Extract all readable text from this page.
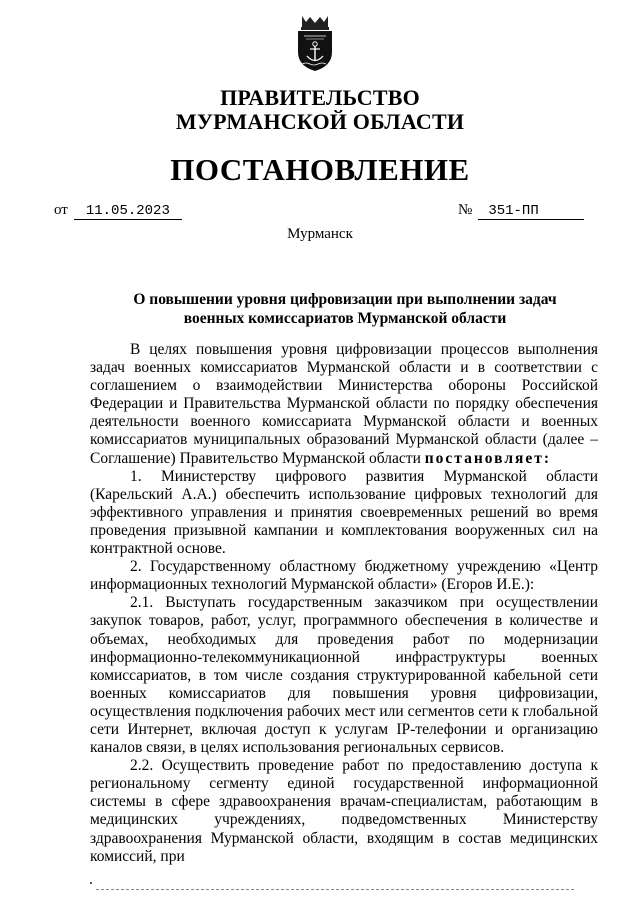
ПРАВИТЕЛЬСТВО
МУРМАНСКОЙ ОБЛАСТИ
ПОСТАНОВЛЕНИЕ
от	11.05.2023	№	351-ПП
Мурманск
О повышении уровня цифровизации при выполнении задач
военных комиссариатов Мурманской области

В целях повышения уровня цифровизации процессов выполнения задач военных комиссариатов Мурманской области и в соответствии с соглашением о взаимодействии Министерства обороны Российской Федерации и Правительства Мурманской области по порядку обеспечения деятельности военного комиссариата Мурманской области и военных комиссариатов муниципальных образований Мурманской области (далее – Соглашение) Правительство Мурманской области постановляет:

1. Министерству цифрового развития Мурманской области (Карельский А.А.) обеспечить использование цифровых технологий для эффективного управления и принятия своевременных решений во время проведения призывной кампании и комплектования вооруженных сил на контрактной основе.

2. Государственному областному бюджетному учреждению «Центр информационных технологий Мурманской области» (Егоров И.Е.):

2.1. Выступать государственным заказчиком при осуществлении закупок товаров, работ, услуг, программного обеспечения в количестве и объемах, необходимых для проведения работ по модернизации информационно-телекоммуникационной инфраструктуры военных комиссариатов, в том числе создания структурированной кабельной сети военных комиссариатов для повышения уровня цифровизации, осуществления подключения рабочих мест или сегментов сети к глобальной сети Интернет, включая доступ к услугам IP-телефонии и организацию каналов связи, в целях использования региональных сервисов.

2.2. Осуществить проведение работ по предоставлению доступа к региональному сегменту единой государственной информационной системы в сфере здравоохранения врачам-специалистам, работающим в медицинских учреждениях, подведомственных Министерству здравоохранения Мурманской области, входящим в состав медицинских комиссий, при
